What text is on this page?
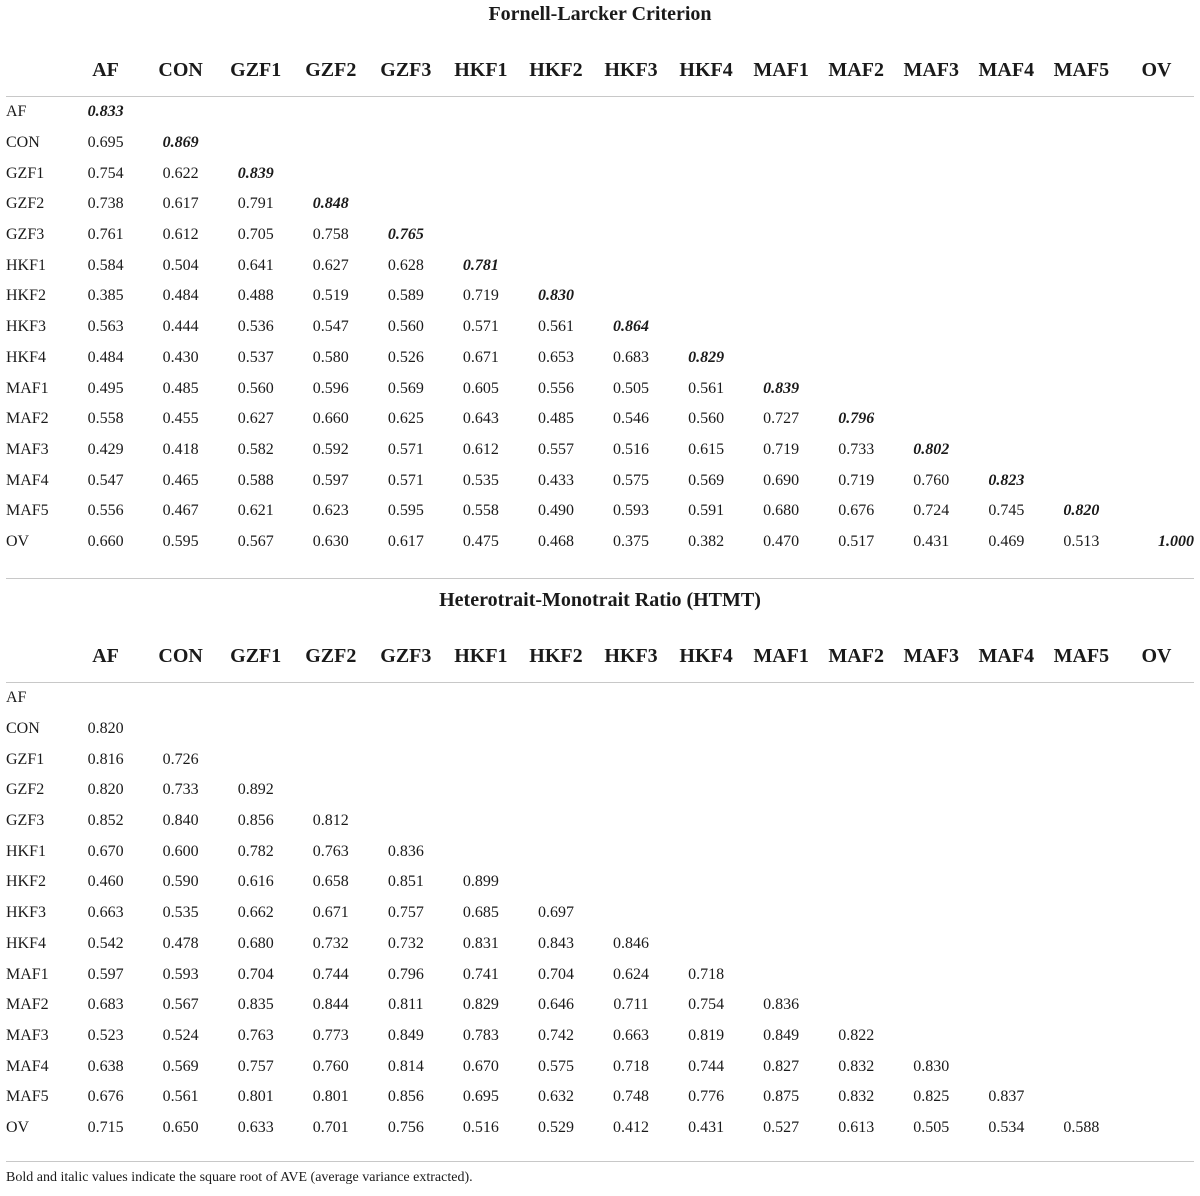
Fornell-Larcker Criterion
	AF	CON	GZF1	GZF2	GZF3	HKF1	HKF2	HKF3	HKF4	MAF1	MAF2	MAF3	MAF4	MAF5	OV
AF	0.833														
CON	0.695	0.869													
GZF1	0.754	0.622	0.839												
GZF2	0.738	0.617	0.791	0.848											
GZF3	0.761	0.612	0.705	0.758	0.765										
HKF1	0.584	0.504	0.641	0.627	0.628	0.781									
HKF2	0.385	0.484	0.488	0.519	0.589	0.719	0.830								
HKF3	0.563	0.444	0.536	0.547	0.560	0.571	0.561	0.864							
HKF4	0.484	0.430	0.537	0.580	0.526	0.671	0.653	0.683	0.829						
MAF1	0.495	0.485	0.560	0.596	0.569	0.605	0.556	0.505	0.561	0.839					
MAF2	0.558	0.455	0.627	0.660	0.625	0.643	0.485	0.546	0.560	0.727	0.796				
MAF3	0.429	0.418	0.582	0.592	0.571	0.612	0.557	0.516	0.615	0.719	0.733	0.802			
MAF4	0.547	0.465	0.588	0.597	0.571	0.535	0.433	0.575	0.569	0.690	0.719	0.760	0.823		
MAF5	0.556	0.467	0.621	0.623	0.595	0.558	0.490	0.593	0.591	0.680	0.676	0.724	0.745	0.820	
OV	0.660	0.595	0.567	0.630	0.617	0.475	0.468	0.375	0.382	0.470	0.517	0.431	0.469	0.513	1.000
Heterotrait-Monotrait Ratio (HTMT)
	AF	CON	GZF1	GZF2	GZF3	HKF1	HKF2	HKF3	HKF4	MAF1	MAF2	MAF3	MAF4	MAF5	OV
AF															
CON	0.820														
GZF1	0.816	0.726													
GZF2	0.820	0.733	0.892												
GZF3	0.852	0.840	0.856	0.812											
HKF1	0.670	0.600	0.782	0.763	0.836										
HKF2	0.460	0.590	0.616	0.658	0.851	0.899									
HKF3	0.663	0.535	0.662	0.671	0.757	0.685	0.697								
HKF4	0.542	0.478	0.680	0.732	0.732	0.831	0.843	0.846							
MAF1	0.597	0.593	0.704	0.744	0.796	0.741	0.704	0.624	0.718						
MAF2	0.683	0.567	0.835	0.844	0.811	0.829	0.646	0.711	0.754	0.836					
MAF3	0.523	0.524	0.763	0.773	0.849	0.783	0.742	0.663	0.819	0.849	0.822				
MAF4	0.638	0.569	0.757	0.760	0.814	0.670	0.575	0.718	0.744	0.827	0.832	0.830			
MAF5	0.676	0.561	0.801	0.801	0.856	0.695	0.632	0.748	0.776	0.875	0.832	0.825	0.837		
OV	0.715	0.650	0.633	0.701	0.756	0.516	0.529	0.412	0.431	0.527	0.613	0.505	0.534	0.588	
Bold and italic values indicate the square root of AVE (average variance extracted).
